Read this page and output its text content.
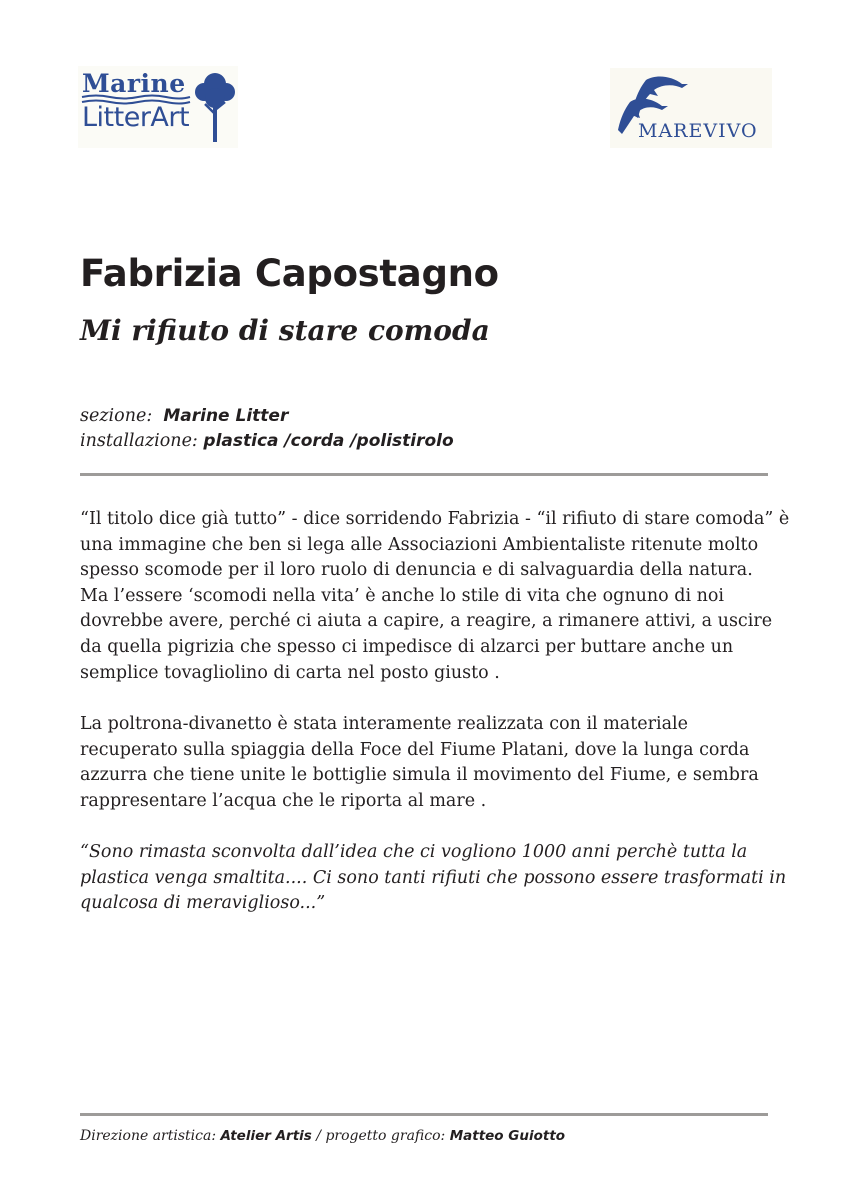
Marine
LitterArt	MAREVIVO
Fabrizia Capostagno
Mi rifiuto di stare comoda
sezione: Marine Litter
installazione: plastica /corda /polistirolo
“Il titolo dice già tutto” - dice sorridendo Fabrizia - “il rifiuto di stare comoda” è
una immagine che ben si lega alle Associazioni Ambientaliste ritenute molto
spesso scomode per il loro ruolo di denuncia e di salvaguardia della natura.
Ma l’essere ‘scomodi nella vita’ è anche lo stile di vita che ognuno di noi
dovrebbe avere, perché ci aiuta a capire, a reagire, a rimanere attivi, a uscire
da quella pigrizia che spesso ci impedisce di alzarci per buttare anche un
semplice tovagliolino di carta nel posto giusto .
La poltrona-divanetto è stata interamente realizzata con il materiale
recuperato sulla spiaggia della Foce del Fiume Platani, dove la lunga corda
azzurra che tiene unite le bottiglie simula il movimento del Fiume, e sembra
rappresentare l’acqua che le riporta al mare .
“Sono rimasta sconvolta dall’idea che ci vogliono 1000 anni perchè tutta la
plastica venga smaltita.... Ci sono tanti rifiuti che possono essere trasformati in
qualcosa di meraviglioso...”
Direzione artistica: Atelier Artis / progetto grafico: Matteo Guiotto
